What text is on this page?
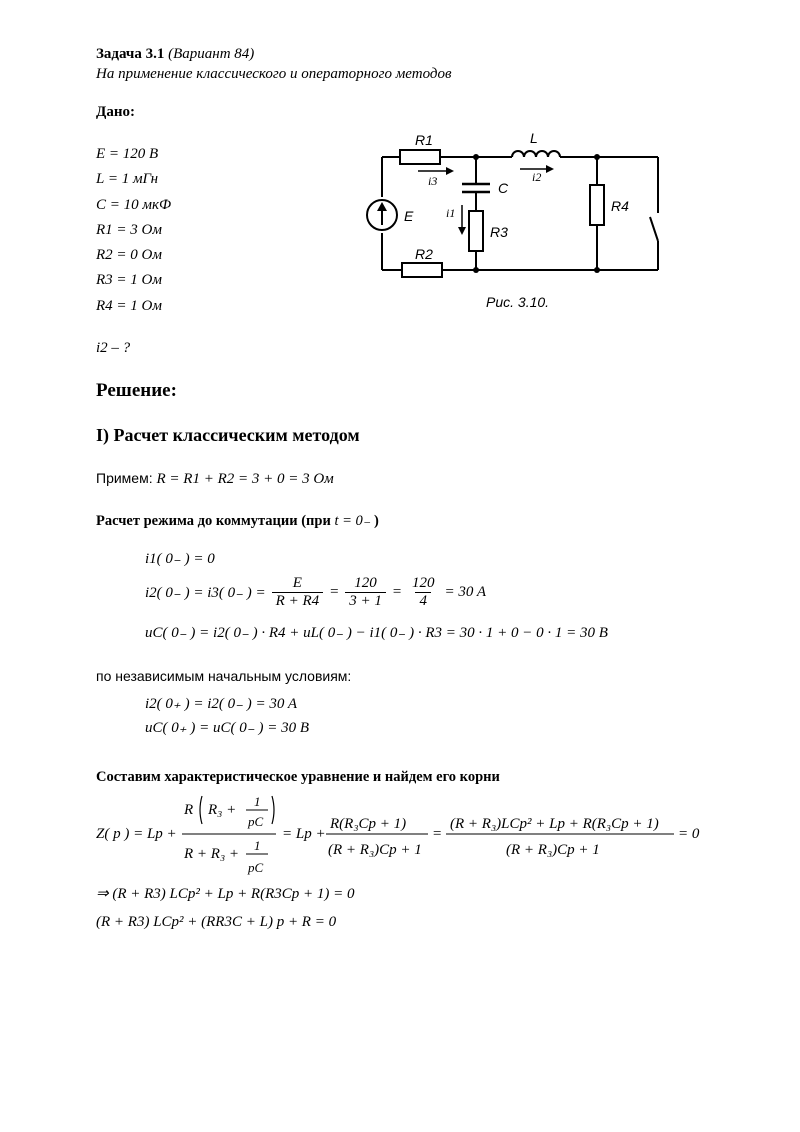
Задача 3.1 (Вариант 84)
На применение классического и операторного методов
Дано:
E = 120 В
L = 1 мГн
C = 10 мкФ
R1 = 3 Ом
R2 = 0 Ом
R3 = 1 Ом
R4 = 1 Ом
i2 – ?
R1
R2
R3
R4
L
C
E
i3	i2
i1
Рис. 3.10.
Решение:
I) Расчет классическим методом
Примем: R = R1 + R2 = 3 + 0 = 3 Ом
Расчет режима до коммутации (при t = 0₋ )
i1( 0₋ ) = 0
i2( 0₋ ) = i3( 0₋ ) = $\frac{E}{R + R4} = \frac{120}{3 + 1} = \frac{120}{4} = 30$ A
uC( 0₋ ) = i2( 0₋ ) · R4 + uL( 0₋ ) − i1( 0₋ ) · R3 = 30 · 1 + 0 − 0 · 1 = 30 В
по независимым начальным условиям:
i2( 0₊ ) = i2( 0₋ ) = 30 A
uC( 0₊ ) = uC( 0₋ ) = 30 В
Составим характеристическое уравнение и найдем его корни
Z( p ) = Lp +
R R₃ +
1
pC
1
R + R₃ +
pC
= Lp +
R(R₃Cp + 1)
(R + R₃)Cp + 1
=
(R + R₃)LCp² + Lp + R(R₃Cp + 1)
(R + R₃)Cp + 1
= 0
⇒ (R + R3) LCp² + Lp + R(R3Cp + 1) = 0
(R + R3) LCp² + (RR3C + L) p + R = 0
